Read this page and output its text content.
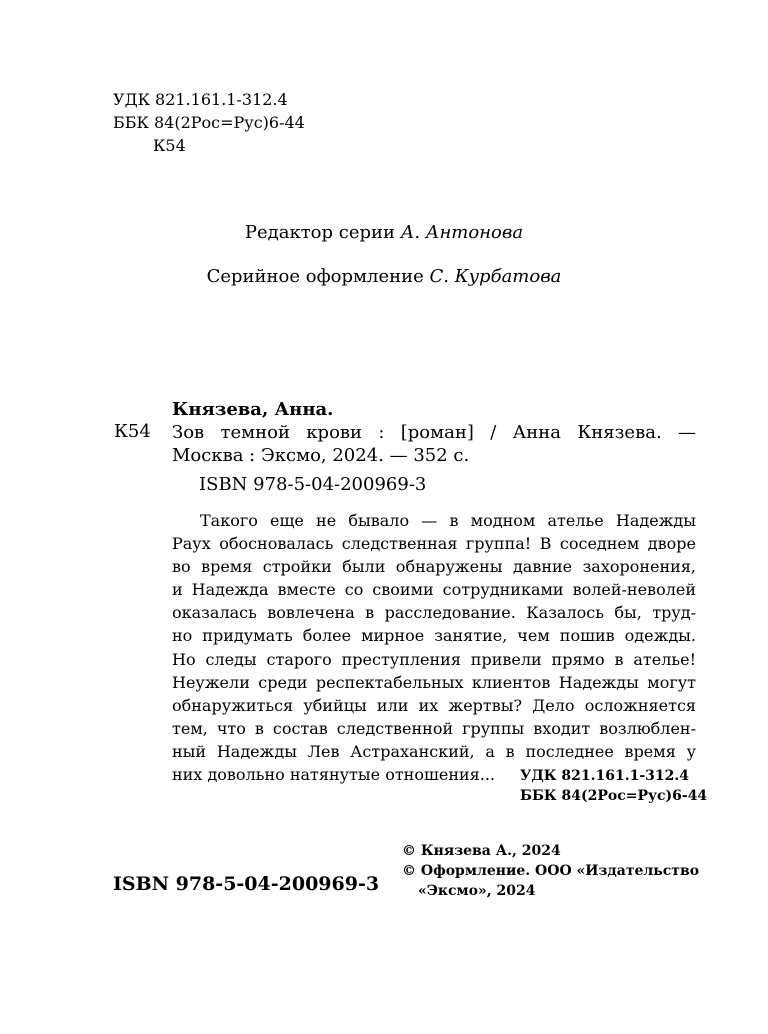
УДК 821.161.1-312.4
ББК 84(2Рос=Рус)6-44
К54
Редактор серии А. Антонова
Серийное оформление С. Курбатова
К54
Князева, Анна.
Зов темной крови : [роман] / Анна Князева. —
Москва : Эксмо, 2024. — 352 с.
ISBN 978-5-04-200969-3

Такого еще не бывало — в модном ателье Надежды

Раух обосновалась следственная группа! В соседнем дворе

во время стройки были обнаружены давние захоронения,

и Надежда вместе со своими сотрудниками волей-неволей

оказалась вовлечена в расследование. Казалось бы, труд-

но придумать более мирное занятие, чем пошив одежды.

Но следы старого преступления привели прямо в ателье!

Неужели среди респектабельных клиентов Надежды могут

обнаружиться убийцы или их жертвы? Дело осложняется

тем, что в состав следственной группы входит возлюблен-

ный Надежды Лев Астраханский, а в последнее время у

них довольно натянутые отношения...	УДК 821.161.1-312.4
ББК 84(2Рос=Рус)6-44
© Князева А., 2024
© Оформление. ООО «Издательство
«Эксмо», 2024
ISBN 978-5-04-200969-3
